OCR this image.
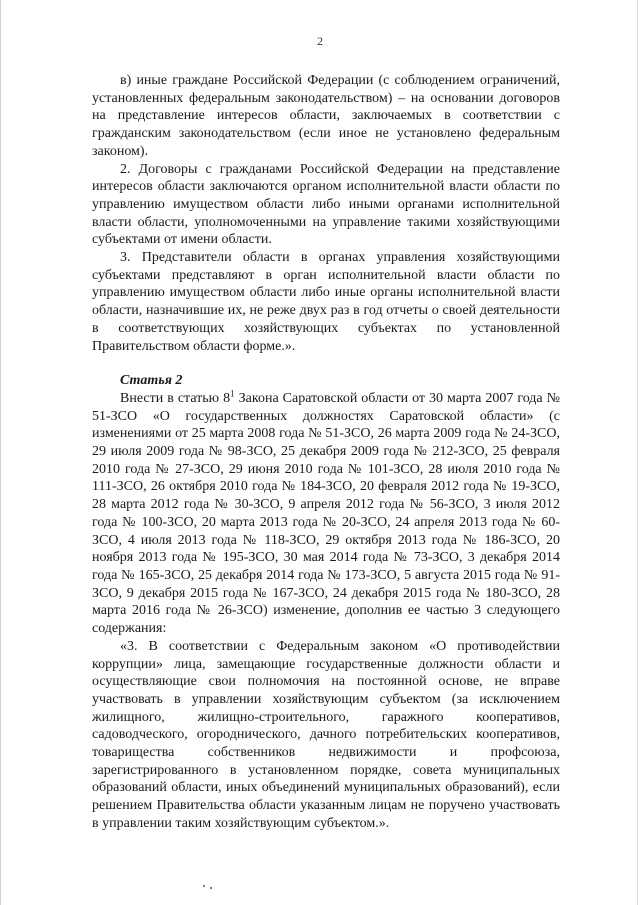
2

в) иные граждане Российской Федерации (с соблюдением ограничений, установленных федеральным законодательством) – на основании договоров на представление интересов области, заключаемых в соответствии с гражданским законодательством (если иное не установлено федеральным законом).

2. Договоры с гражданами Российской Федерации на представление интересов области заключаются органом исполнительной власти области по управлению имуществом области либо иными органами исполнительной власти области, уполномоченными на управление такими хозяйствующими субъектами от имени области.

3. Представители области в органах управления хозяйствующими субъектами представляют в орган исполнительной власти области по управлению имуществом области либо иные органы исполнительной власти области, назначившие их, не реже двух раз в год отчеты о своей деятельности в соответствующих хозяйствующих субъектах по установленной Правительством области форме.».

Статья 2

Внести в статью $8^1$ Закона Саратовской области от 30 марта 2007 года № 51-ЗСО «О государственных должностях Саратовской области» (с изменениями от 25 марта 2008 года № 51-ЗСО, 26 марта 2009 года № 24-ЗСО, 29 июля 2009 года № 98-ЗСО, 25 декабря 2009 года № 212-ЗСО, 25 февраля 2010 года № 27-ЗСО, 29 июня 2010 года № 101-ЗСО, 28 июля 2010 года № 111-ЗСО, 26 октября 2010 года № 184-ЗСО, 20 февраля 2012 года № 19-ЗСО, 28 марта 2012 года № 30-ЗСО, 9 апреля 2012 года № 56-ЗСО, 3 июля 2012 года № 100-ЗСО, 20 марта 2013 года № 20-ЗСО, 24 апреля 2013 года № 60-ЗСО, 4 июля 2013 года № 118-ЗСО, 29 октября 2013 года № 186-ЗСО, 20 ноября 2013 года № 195-ЗСО, 30 мая 2014 года № 73-ЗСО, 3 декабря 2014 года № 165-ЗСО, 25 декабря 2014 года № 173-ЗСО, 5 августа 2015 года № 91-ЗСО, 9 декабря 2015 года № 167-ЗСО, 24 декабря 2015 года № 180-ЗСО, 28 марта 2016 года № 26-ЗСО) изменение, дополнив ее частью 3 следующего содержания:

«3. В соответствии с Федеральным законом «О противодействии коррупции» лица, замещающие государственные должности области и осуществляющие свои полномочия на постоянной основе, не вправе участвовать в управлении хозяйствующим субъектом (за исключением жилищного, жилищно-строительного, гаражного кооперативов, садоводческого, огороднического, дачного потребительских кооперативов, товарищества собственников недвижимости и профсоюза, зарегистрированного в установленном порядке, совета муниципальных образований области, иных объединений муниципальных образований), если решением Правительства области указанным лицам не поручено участвовать в управлении таким хозяйствующим субъектом.».
